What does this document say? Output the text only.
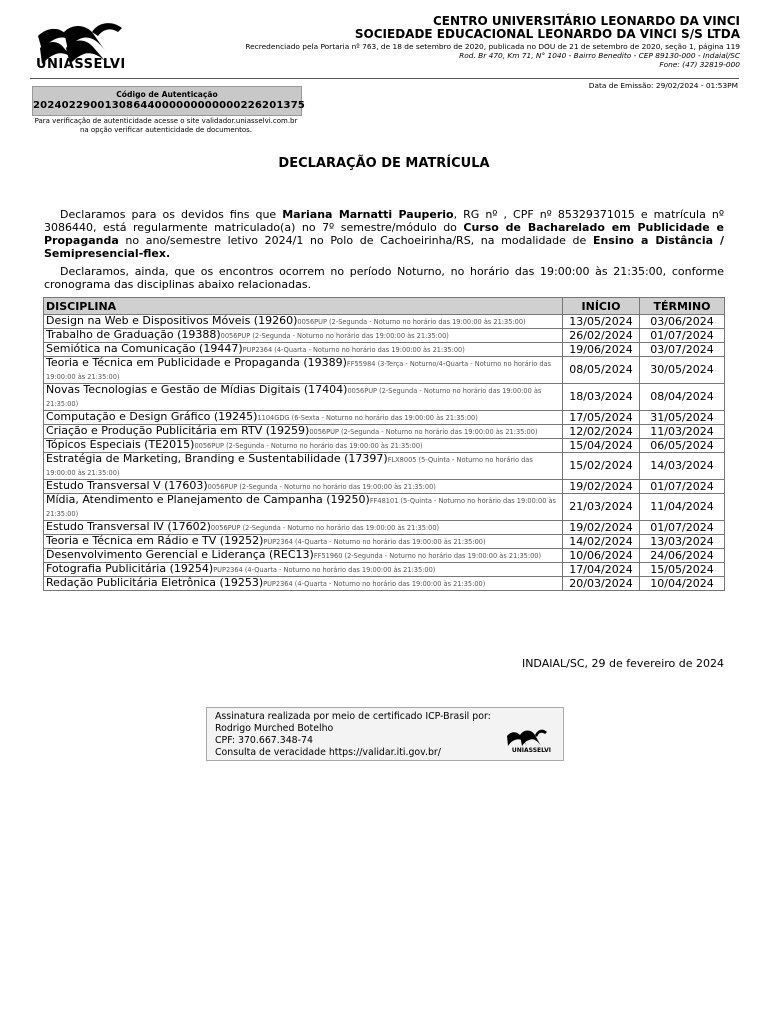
UNIASSELVI
CENTRO UNIVERSITÁRIO LEONARDO DA VINCI
SOCIEDADE EDUCACIONAL LEONARDO DA VINCI S/S LTDA
Recredenciado pela Portaria nº 763, de 18 de setembro de 2020, publicada no DOU de 21 de setembro de 2020, seção 1, página 119
Rod. Br 470, Km 71, N° 1040 - Bairro Benedito - CEP 89130-000 - Indaial/SC
Fone: (47) 32819-000
Data de Emissão: 29/02/2024 - 01:53PM
Código de Autenticação
20240229001308644000000000000226201375
Para verificação de autenticidade acesse o site validador.uniasselvi.com.br na opção verificar autenticidade de documentos.
DECLARAÇÃO DE MATRÍCULA
Declaramos para os devidos fins que Mariana Marnatti Pauperio, RG nº , CPF nº 85329371015 e matrícula nº 3086440, está regularmente matriculado(a) no 7º semestre/módulo do Curso de Bacharelado em Publicidade e Propaganda no ano/semestre letivo 2024/1 no Polo de Cachoeirinha/RS, na modalidade de Ensino a Distância / Semipresencial-flex.
Declaramos, ainda, que os encontros ocorrem no período Noturno, no horário das 19:00:00 às 21:35:00, conforme cronograma das disciplinas abaixo relacionadas.
DISCIPLINA	INÍCIO	TÉRMINO
Design na Web e Dispositivos Móveis (19260)0056PUP (2-Segunda - Noturno no horário das 19:00:00 às 21:35:00)	13/05/2024	03/06/2024
Trabalho de Graduação (19388)0056PUP (2-Segunda - Noturno no horário das 19:00:00 às 21:35:00)	26/02/2024	01/07/2024
Semiótica na Comunicação (19447)PUP2364 (4-Quarta - Noturno no horário das 19:00:00 às 21:35:00)	19/06/2024	03/07/2024
Teoria e Técnica em Publicidade e Propaganda (19389)FF55984 (3-Terça - Noturno/4-Quarta - Noturno no horário das 19:00:00 às 21:35:00)	08/05/2024	30/05/2024
Novas Tecnologias e Gestão de Mídias Digitais (17404)0056PUP (2-Segunda - Noturno no horário das 19:00:00 às 21:35:00)	18/03/2024	08/04/2024
Computação e Design Gráfico (19245)1104GDG (6-Sexta - Noturno no horário das 19:00:00 às 21:35:00)	17/05/2024	31/05/2024
Criação e Produção Publicitária em RTV (19259)0056PUP (2-Segunda - Noturno no horário das 19:00:00 às 21:35:00)	12/02/2024	11/03/2024
Tópicos Especiais (TE2015)0056PUP (2-Segunda - Noturno no horário das 19:00:00 às 21:35:00)	15/04/2024	06/05/2024
Estratégia de Marketing, Branding e Sustentabilidade (17397)FLX8005 (5-Quinta - Noturno no horário das 19:00:00 às 21:35:00)	15/02/2024	14/03/2024
Estudo Transversal V (17603)0056PUP (2-Segunda - Noturno no horário das 19:00:00 às 21:35:00)	19/02/2024	01/07/2024
Mídia, Atendimento e Planejamento de Campanha (19250)FF48101 (5-Quinta - Noturno no horário das 19:00:00 às 21:35:00)	21/03/2024	11/04/2024
Estudo Transversal IV (17602)0056PUP (2-Segunda - Noturno no horário das 19:00:00 às 21:35:00)	19/02/2024	01/07/2024
Teoria e Técnica em Rádio e TV (19252)PUP2364 (4-Quarta - Noturno no horário das 19:00:00 às 21:35:00)	14/02/2024	13/03/2024
Desenvolvimento Gerencial e Liderança (REC13)FF51960 (2-Segunda - Noturno no horário das 19:00:00 às 21:35:00)	10/06/2024	24/06/2024
Fotografia Publicitária (19254)PUP2364 (4-Quarta - Noturno no horário das 19:00:00 às 21:35:00)	17/04/2024	15/05/2024
Redação Publicitária Eletrônica (19253)PUP2364 (4-Quarta - Noturno no horário das 19:00:00 às 21:35:00)	20/03/2024	10/04/2024
INDAIAL/SC, 29 de fevereiro de 2024
Assinatura realizada por meio de certificado ICP-Brasil por:
Rodrigo Murched Botelho
CPF: 370.667.348-74
Consulta de veracidade https://validar.iti.gov.br/	UNIASSELVI
